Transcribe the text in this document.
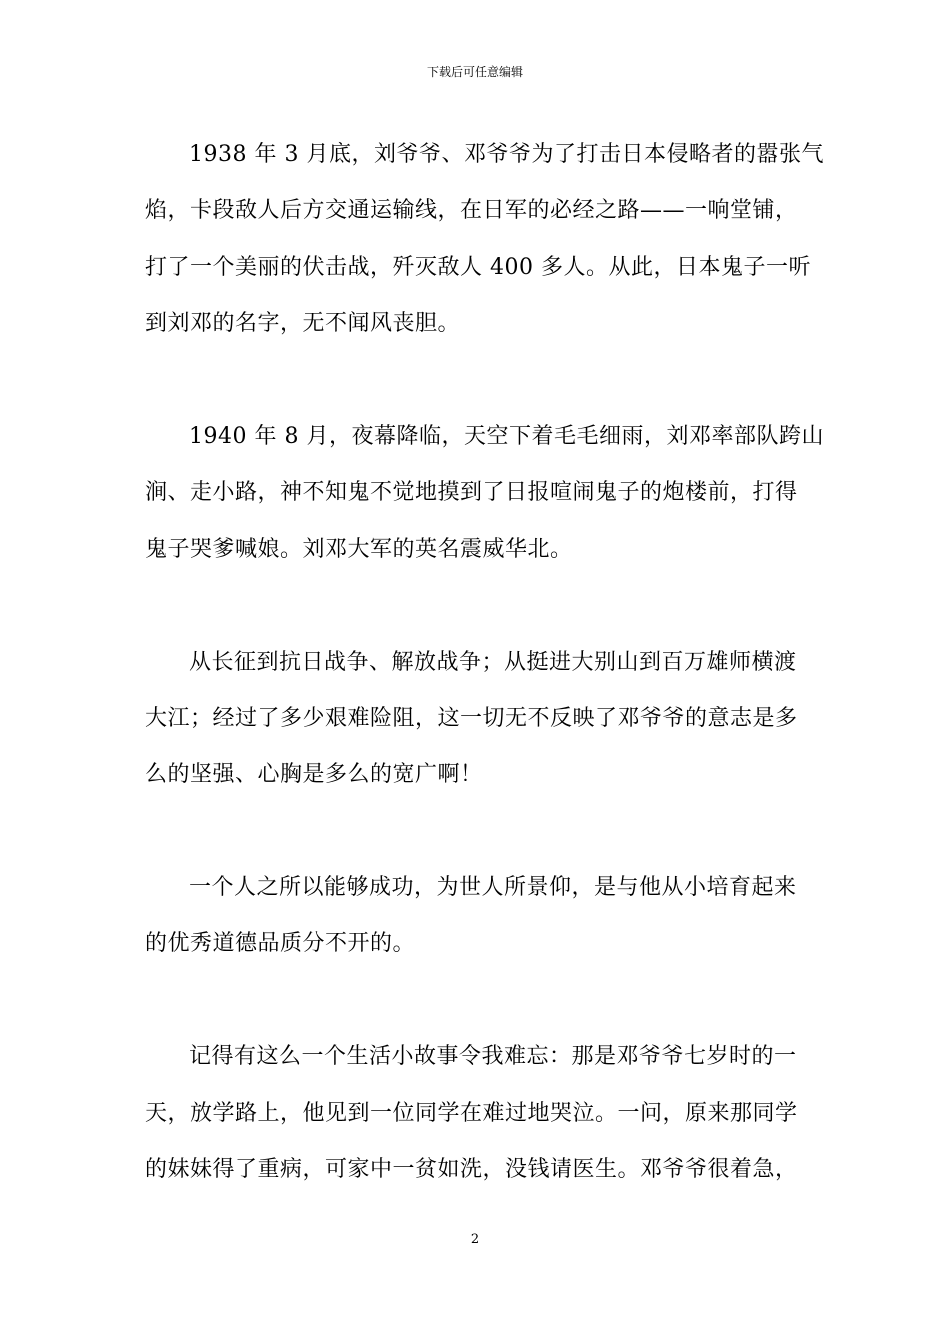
下载后可任意编辑

1938 年 3 月底，刘爷爷、邓爷爷为了打击日本侵略者的嚣张气
焰，卡段敌人后方交通运输线，在日军的必经之路——一响堂铺，
打了一个美丽的伏击战，歼灭敌人 400 多人。从此，日本鬼子一听
到刘邓的名字，无不闻风丧胆。

1940 年 8 月，夜幕降临，天空下着毛毛细雨，刘邓率部队跨山
涧、走小路，神不知鬼不觉地摸到了日报喧闹鬼子的炮楼前，打得
鬼子哭爹喊娘。刘邓大军的英名震威华北。

从长征到抗日战争、解放战争；从挺进大别山到百万雄师横渡
大江；经过了多少艰难险阻，这一切无不反映了邓爷爷的意志是多
么的坚强、心胸是多么的宽广啊！

一个人之所以能够成功，为世人所景仰，是与他从小培育起来
的优秀道德品质分不开的。

记得有这么一个生活小故事令我难忘：那是邓爷爷七岁时的一
天，放学路上，他见到一位同学在难过地哭泣。一问，原来那同学
的妹妹得了重病，可家中一贫如洗，没钱请医生。邓爷爷很着急，

2
